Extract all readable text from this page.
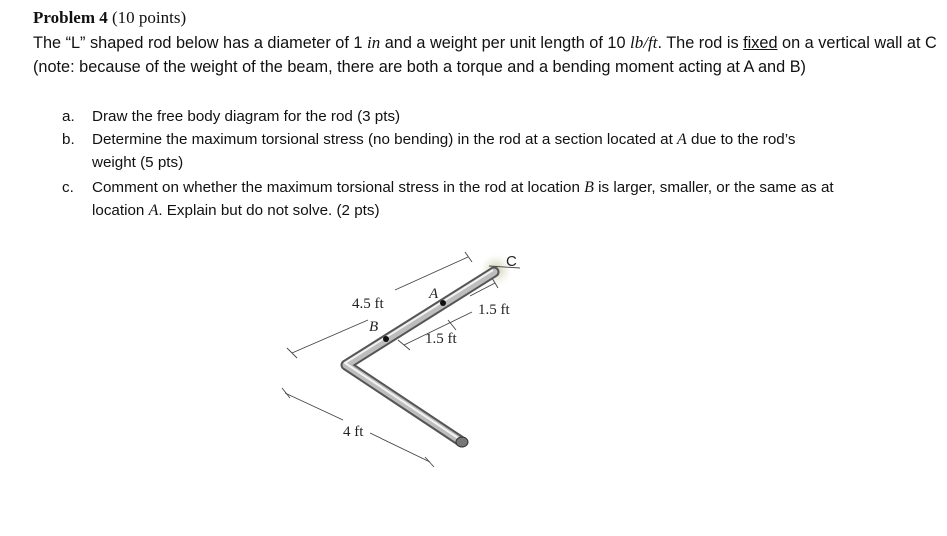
Problem 4 (10 points)
The “L” shaped rod below has a diameter of 1 in and a weight per unit length of 10 lb/ft. The rod is fixed on a vertical wall at C (note: because of the weight of the beam, there are both a torque and a bending moment acting at A and B)
a. Draw the free body diagram for the rod (3 pts)
b. Determine the maximum torsional stress (no bending) in the rod at a section located at A due to the rod’s
weight (5 pts)
c. Comment on whether the maximum torsional stress in the rod at location B is larger, smaller, or the same as at
location A. Explain but do not solve. (2 pts)
C
A
B
4.5 ft	1.5 ft
1.5 ft
4 ft
